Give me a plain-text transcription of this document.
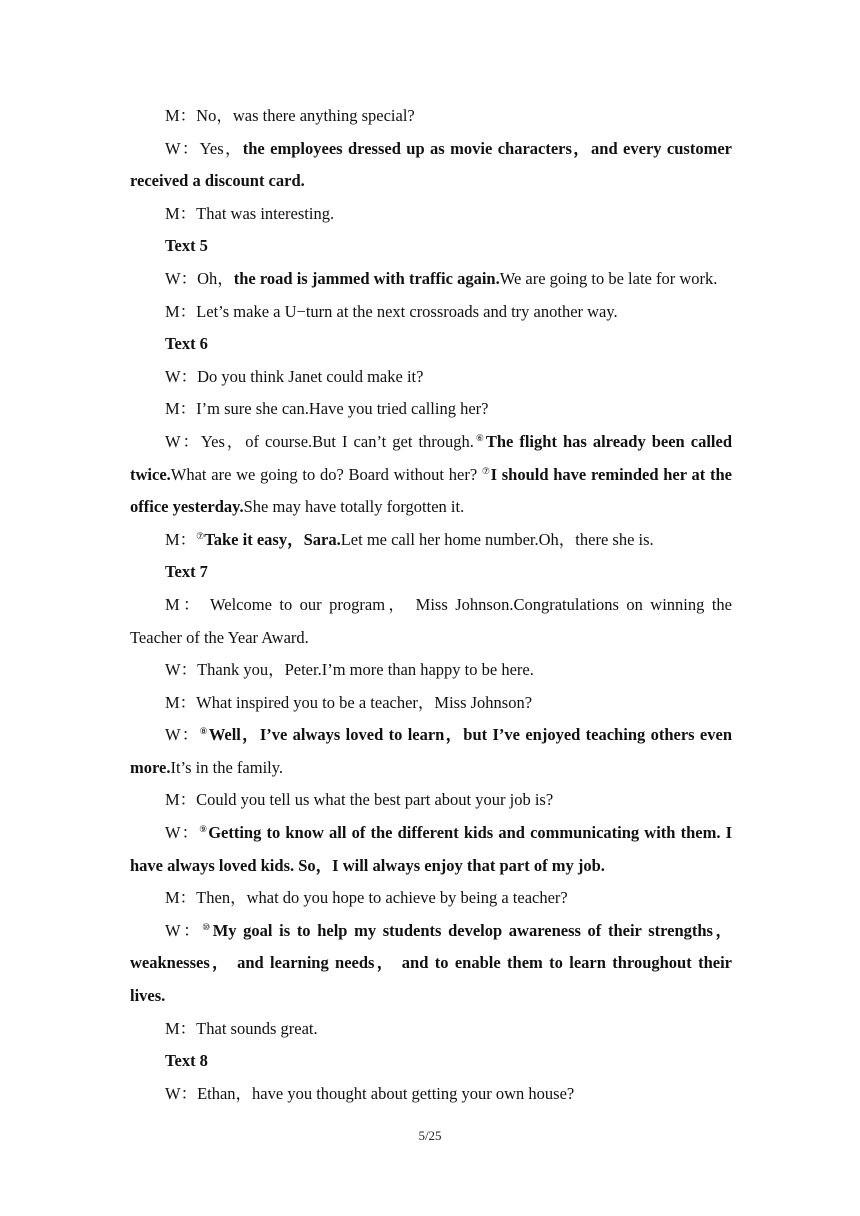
M：No，was there anything special?

W：Yes，the employees dressed up as movie characters，and every customer received a discount card.

M：That was interesting.

Text 5

W：Oh，the road is jammed with traffic again.We are going to be late for work.

M：Let’s make a U−turn at the next crossroads and try another way.

Text 6

W：Do you think Janet could make it?

M：I’m sure she can.Have you tried calling her?

W：Yes，of course.But I can’t get through.⑥The flight has already been called twice.What are we going to do? Board without her? ⑦I should have reminded her at the office yesterday.She may have totally forgotten it.

M：⑦Take it easy，Sara.Let me call her home number.Oh，there she is.

Text 7

M： Welcome to our program， Miss Johnson.Congratulations on winning the Teacher of the Year Award.

W：Thank you，Peter.I’m more than happy to be here.

M：What inspired you to be a teacher，Miss Johnson?

W：⑧Well，I’ve always loved to learn，but I’ve enjoyed teaching others even more.It’s in the family.

M：Could you tell us what the best part about your job is?

W：⑨Getting to know all of the different kids and communicating with them. I have always loved kids. So，I will always enjoy that part of my job.

M：Then，what do you hope to achieve by being a teacher?

W：⑩My goal is to help my students develop awareness of their strengths，weaknesses， and learning needs， and to enable them to learn throughout their lives.

M：That sounds great.

Text 8

W：Ethan，have you thought about getting your own house?

5/25
